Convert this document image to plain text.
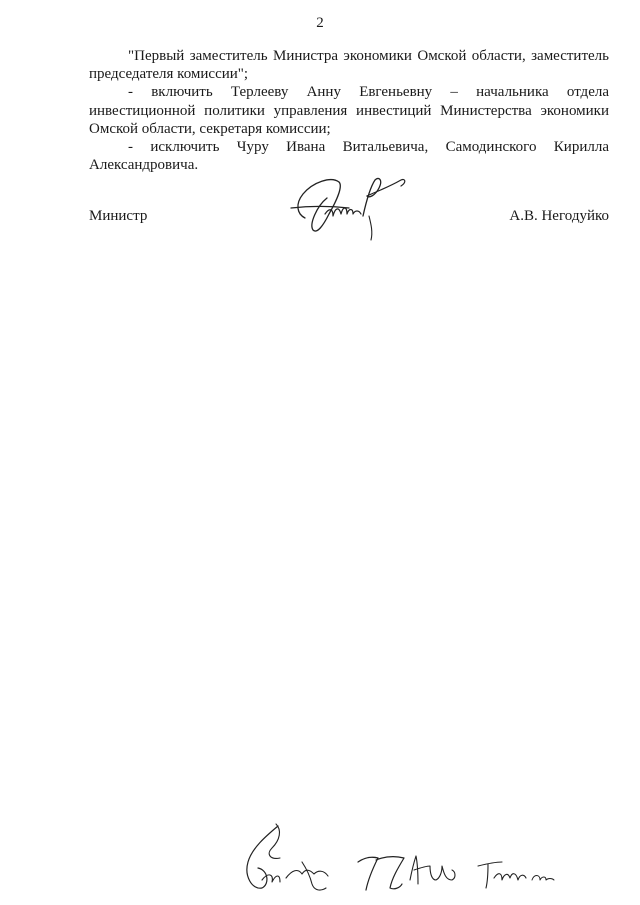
2

"Первый заместитель Министра экономики Омской области, заместитель председателя комиссии";

- включить Терлееву Анну Евгеньевну – начальника отдела инвестиционной политики управления инвестиций Министерства экономики Омской области, секретаря комиссии;

- исключить Чуру Ивана Витальевича, Самодинского Кирилла Александровича.

Министр	А.В. Негодуйко
